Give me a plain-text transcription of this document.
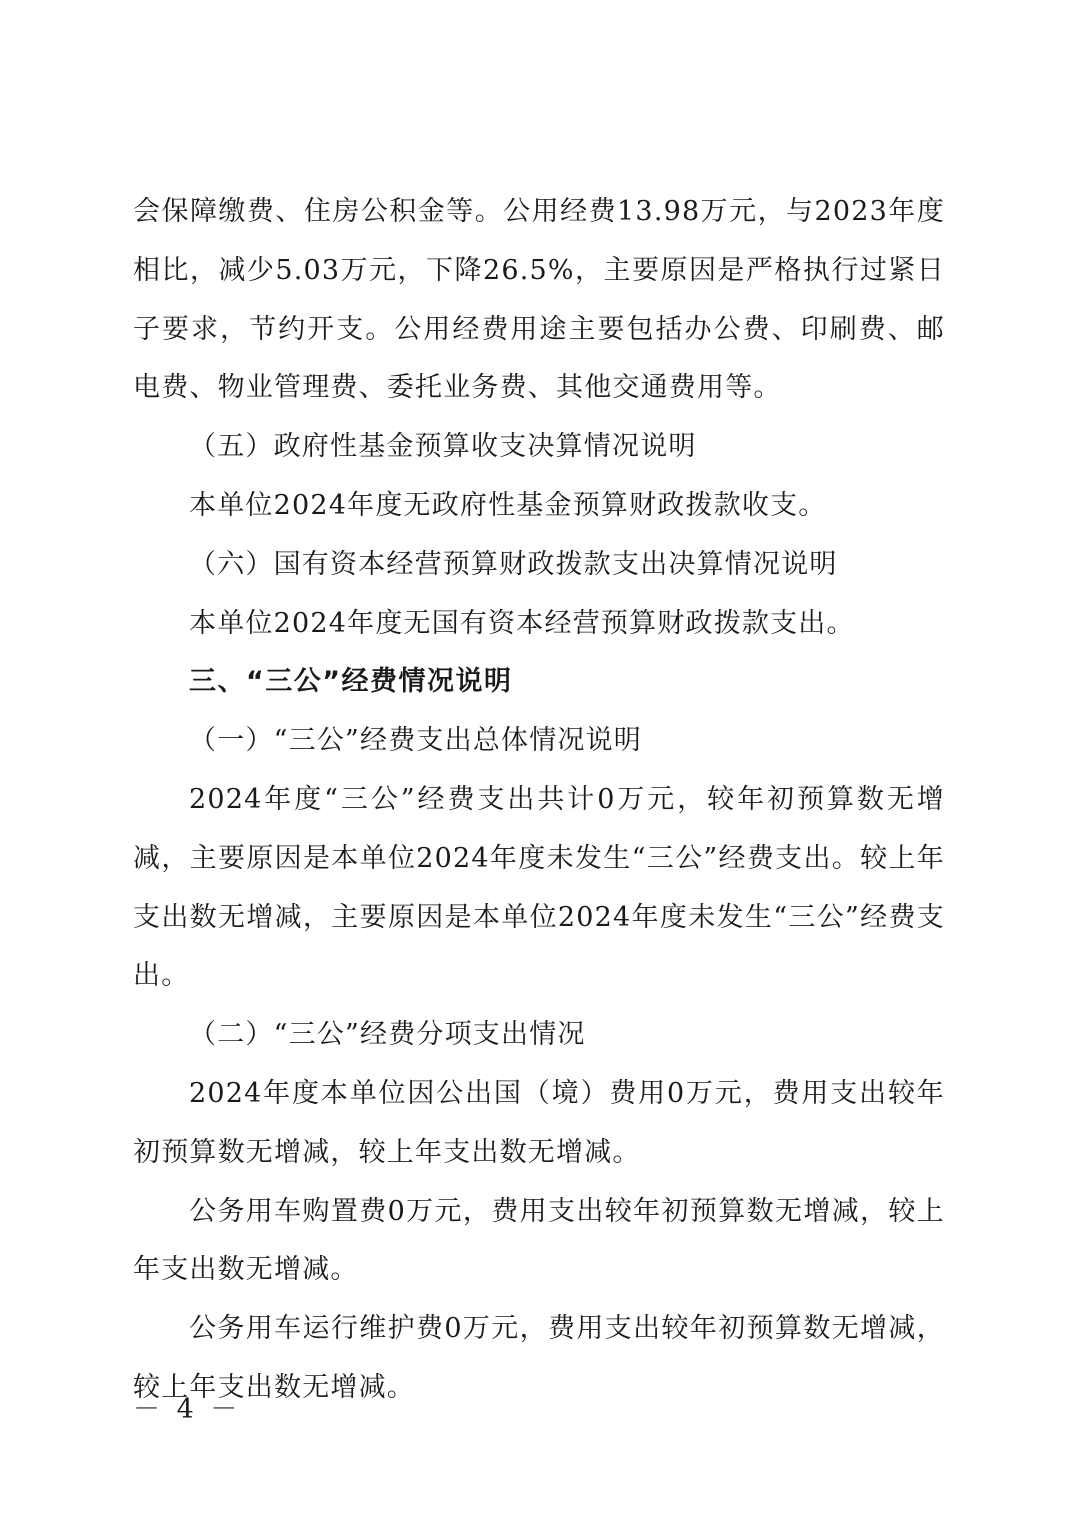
会保障缴费、住房公积金等。公用经费13.98万元，与2023年度相比，减少5.03万元，下降26.5%，主要原因是严格执行过紧日子要求，节约开支。公用经费用途主要包括办公费、印刷费、邮电费、物业管理费、委托业务费、其他交通费用等。

（五）政府性基金预算收支决算情况说明

本单位2024年度无政府性基金预算财政拨款收支。

（六）国有资本经营预算财政拨款支出决算情况说明

本单位2024年度无国有资本经营预算财政拨款支出。

三、“三公”经费情况说明

（一）“三公”经费支出总体情况说明

2024年度“三公”经费支出共计0万元，较年初预算数无增减，主要原因是本单位2024年度未发生“三公”经费支出。较上年支出数无增减，主要原因是本单位2024年度未发生“三公”经费支出。

（二）“三公”经费分项支出情况

2024年度本单位因公出国（境）费用0万元，费用支出较年初预算数无增减，较上年支出数无增减。

公务用车购置费0万元，费用支出较年初预算数无增减，较上年支出数无增减。

公务用车运行维护费0万元，费用支出较年初预算数无增减，较上年支出数无增减。

－ 4 －
